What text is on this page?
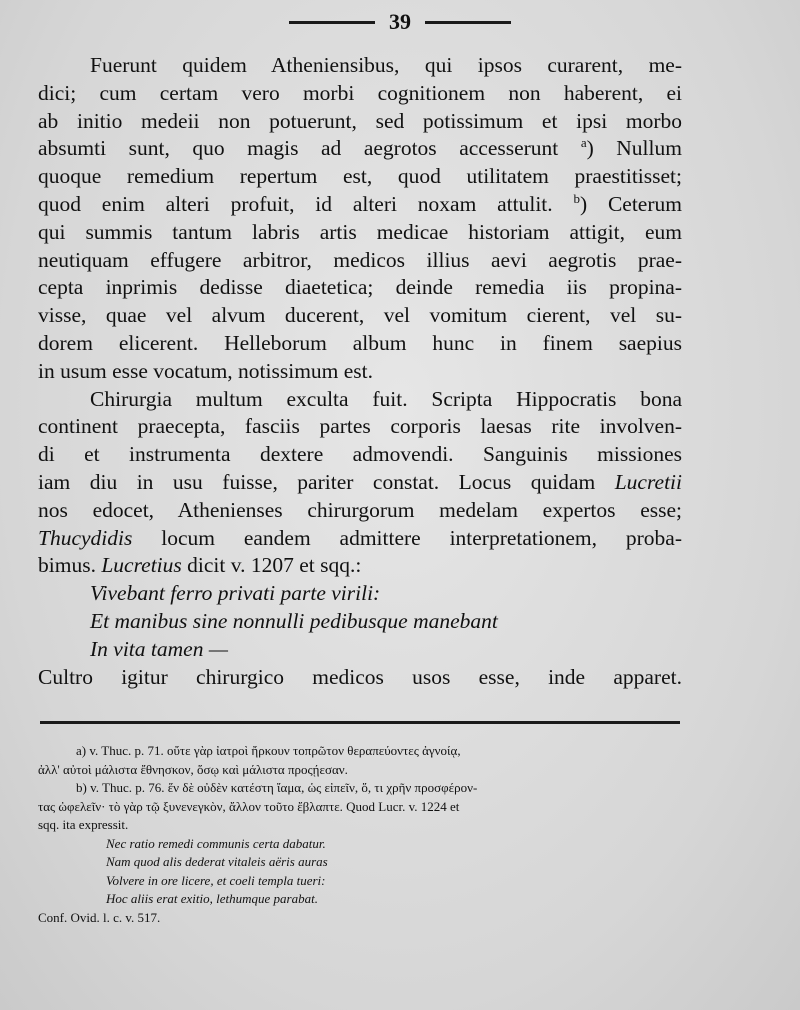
39
Fuerunt quidem Atheniensibus, qui ipsos curarent, me-
dici; cum certam vero morbi cognitionem non haberent, ei
ab initio medeii non potuerunt, sed potissimum et ipsi morbo
absumti sunt, quo magis ad aegrotos accesserunt $^a$) Nullum
quoque remedium repertum est, quod utilitatem praestitisset;
quod enim alteri profuit, id alteri noxam attulit. $^b$) Ceterum
qui summis tantum labris artis medicae historiam attigit, eum
neutiquam effugere arbitror, medicos illius aevi aegrotis prae-
cepta inprimis dedisse diaetetica; deinde remedia iis propina-
visse, quae vel alvum ducerent, vel vomitum cierent, vel su-
dorem elicerent. Helleborum album hunc in finem saepius
in usum esse vocatum, notissimum est.
Chirurgia multum exculta fuit. Scripta Hippocratis bona
continent praecepta, fasciis partes corporis laesas rite involven-
di et instrumenta dextere admovendi. Sanguinis missiones
iam diu in usu fuisse, pariter constat. Locus quidam Lucretii
nos edocet, Athenienses chirurgorum medelam expertos esse;
Thucydidis locum eandem admittere interpretationem, proba-
bimus. Lucretius dicit v. 1207 et sqq.:
Vivebant ferro privati parte virili:
Et manibus sine nonnulli pedibusque manebant
In vita tamen —
Cultro igitur chirurgico medicos usos esse, inde apparet.
a) v. Thuc. p. 71. οὔτε γὰρ ἰατροὶ ἤρκουν τοπρῶτον θεραπεύοντες ἀγνοίᾳ,
ἀλλ' αὐτοὶ μάλιστα ἔθνησκον, ὅσῳ καὶ μάλιστα προςῄεσαν.
b) v. Thuc. p. 76. ἕν δὲ οὐδὲν κατέστη ἴαμα, ὡς εἰπεῖν, ὅ, τι χρῆν προσφέρον-
τας ὠφελεῖν· τὸ γὰρ τῷ ξυνενεγκὸν, ἄλλον τοῦτο ἔβλαπτε. Quod Lucr. v. 1224 et
sqq. ita expressit.
Nec ratio remedi communis certa dabatur.
Nam quod alis dederat vitaleis aëris auras
Volvere in ore licere, et coeli templa tueri:
Hoc aliis erat exitio, lethumque parabat.
Conf. Ovid. l. c. v. 517.
